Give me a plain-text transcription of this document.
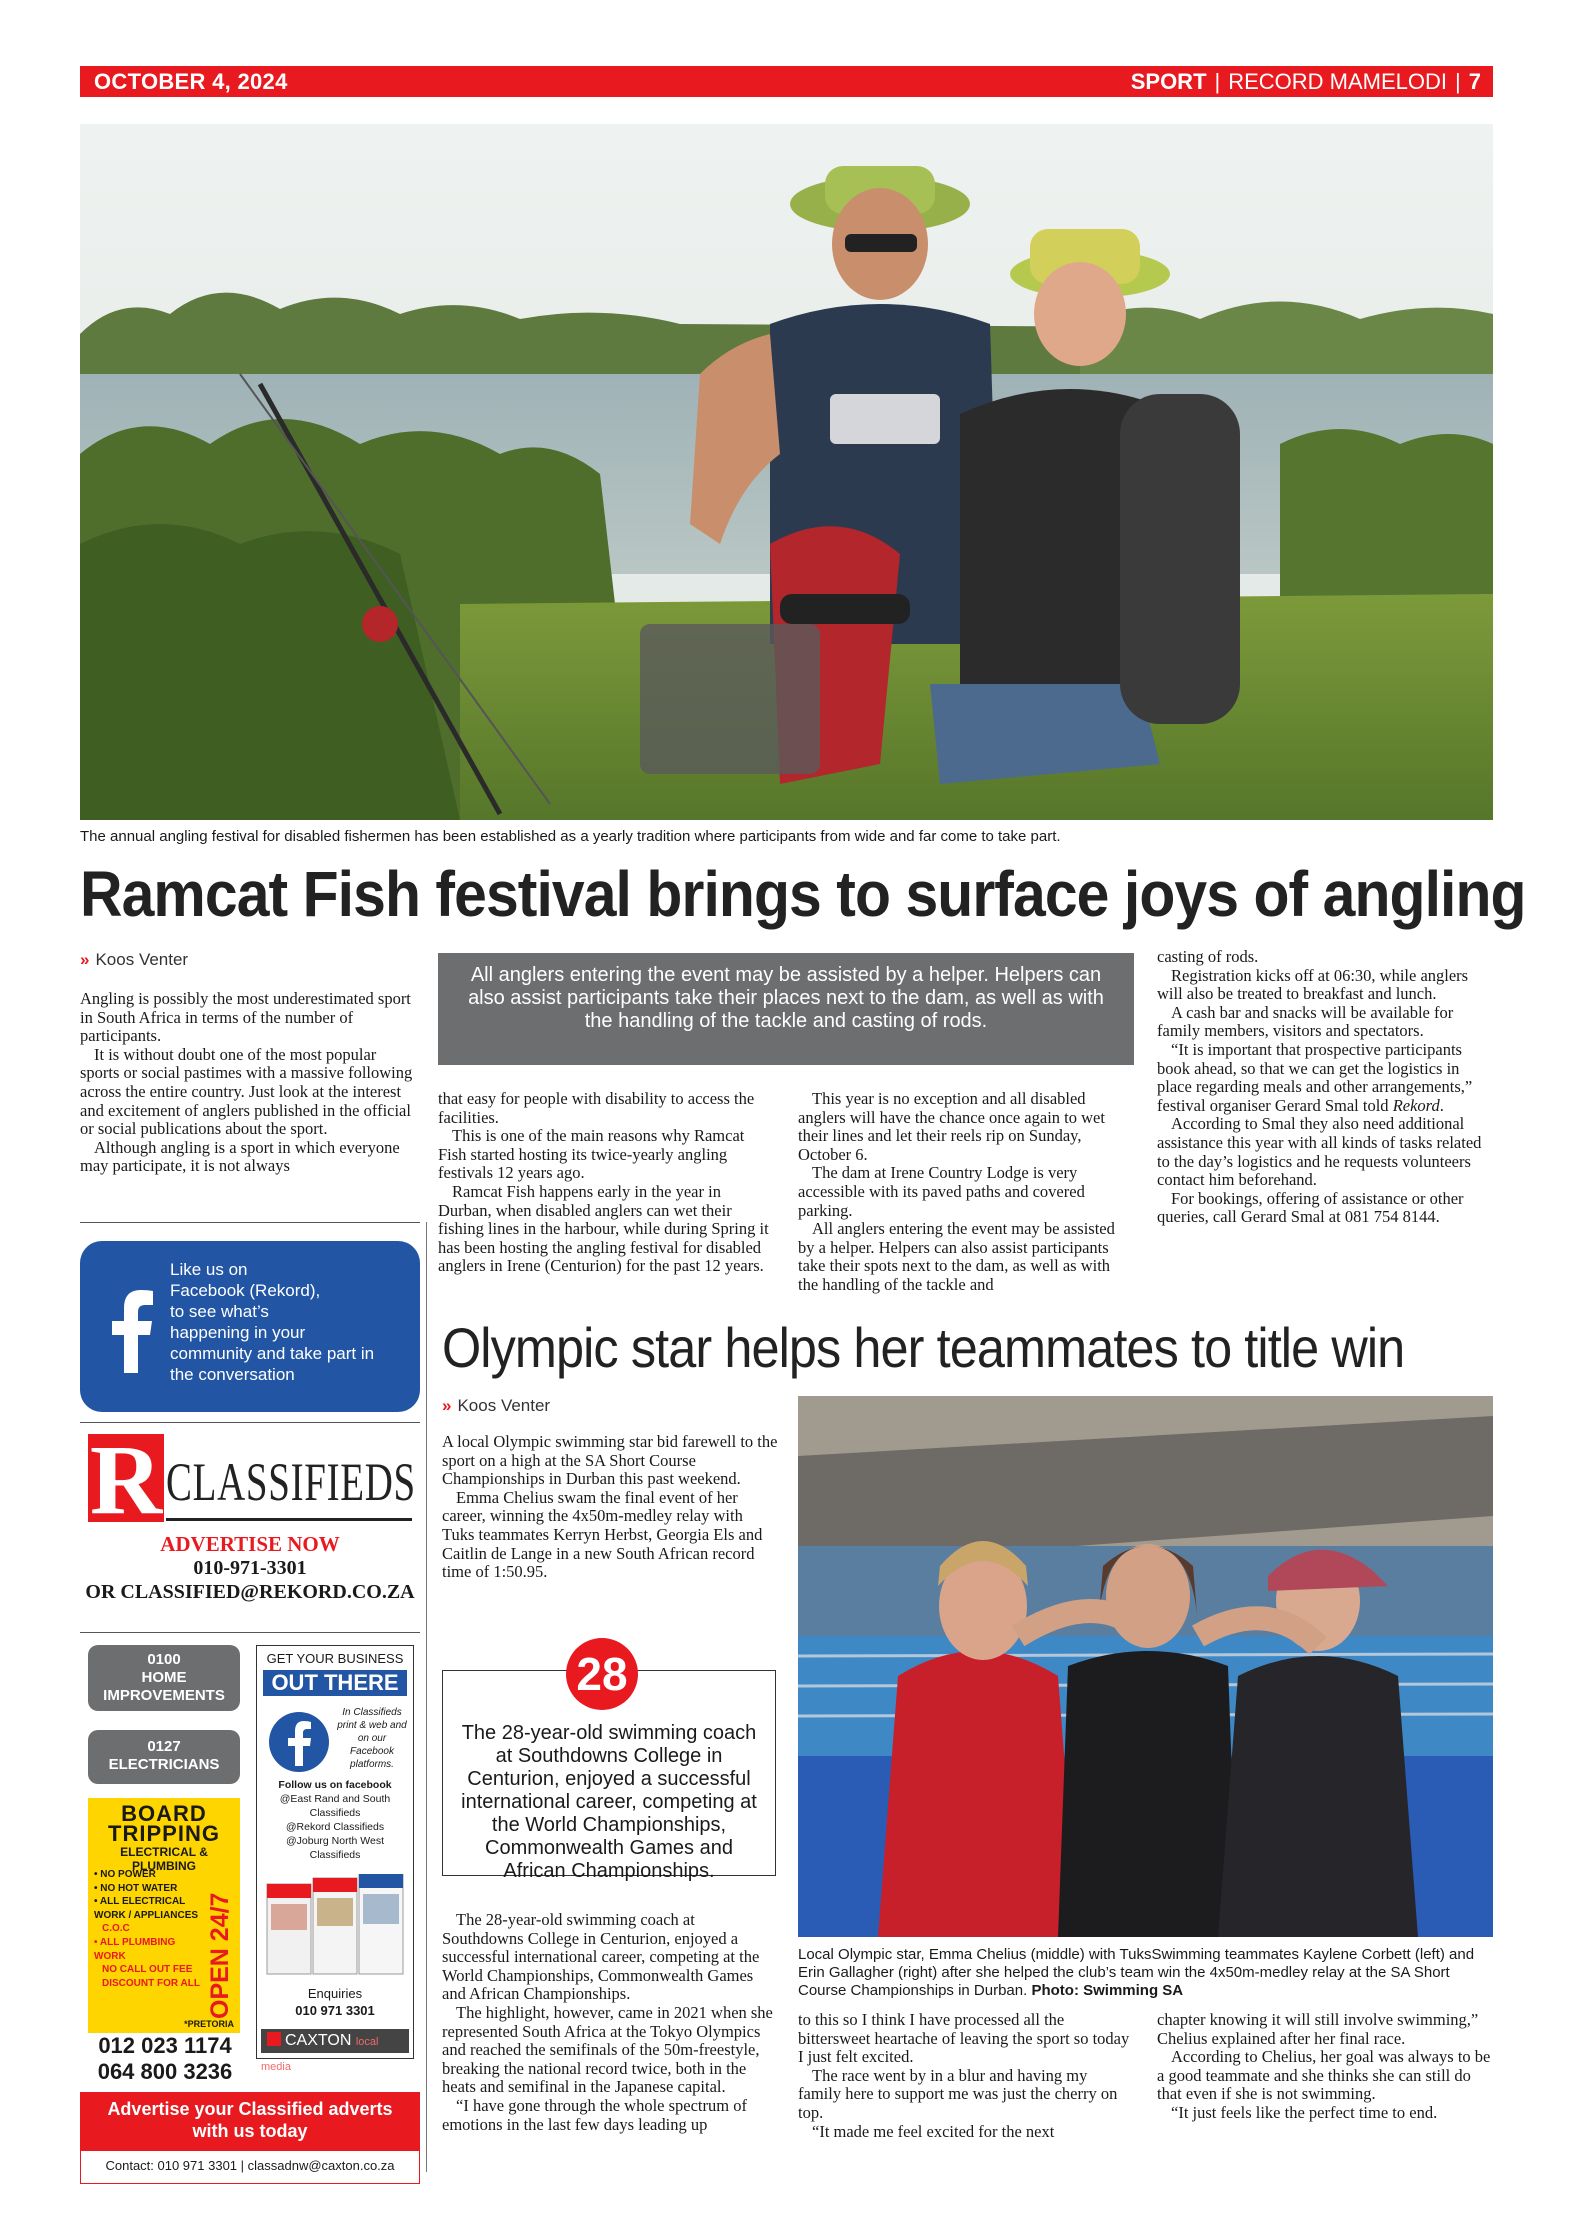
OCTOBER 4, 2024	SPORT | RECORD MAMELODI | 7
The annual angling festival for disabled fishermen has been established as a yearly tradition where participants from wide and far come to take part.
Ramcat Fish festival brings to surface joys of angling
» Koos Venter

Angling is possibly the most underestimated sport in South Africa in terms of the number of participants.

It is without doubt one of the most popular sports or social pastimes with a massive following across the entire country. Just look at the interest and excitement of anglers published in the official or social publications about the sport.

Although angling is a sport in which everyone may participate, it is not always

All anglers entering the event may be assisted by a helper. Helpers can also assist participants take their places next to the dam, as well as with the handling of the tackle and casting of rods.

that easy for people with disability to access the facilities.

This is one of the main reasons why Ramcat Fish started hosting its twice-yearly angling festivals 12 years ago.

Ramcat Fish happens early in the year in Durban, when disabled anglers can wet their fishing lines in the harbour, while during Spring it has been hosting the angling festival for disabled anglers in Irene (Centurion) for the past 12 years.

This year is no exception and all disabled anglers will have the chance once again to wet their lines and let their reels rip on Sunday, October 6.

The dam at Irene Country Lodge is very accessible with its paved paths and covered parking.

All anglers entering the event may be assisted by a helper. Helpers can also assist participants take their spots next to the dam, as well as with the handling of the tackle and

casting of rods.

Registration kicks off at 06:30, while anglers will also be treated to breakfast and lunch.

A cash bar and snacks will be available for family members, visitors and spectators.

“It is important that prospective participants book ahead, so that we can get the logistics in place regarding meals and other arrangements,” festival organiser Gerard Smal told Rekord.

According to Smal they also need additional assistance this year with all kinds of tasks related to the day’s logistics and he requests volunteers contact him beforehand.

For bookings, offering of assistance or other queries, call Gerard Smal at 081 754 8144.

Like us on
Facebook (Rekord),
to see what’s
happening in your
community and take part in
the conversation
R CLASSIFIEDS
ADVERTISE NOW
010-971-3301
OR CLASSIFIED@REKORD.CO.ZA
0100
HOME
IMPROVEMENTS
0127
ELECTRICIANS
BOARD
TRIPPING
ELECTRICAL & PLUMBING
• NO POWER
• NO HOT WATER
• ALL ELECTRICAL
WORK / APPLIANCES
C.O.C
• ALL PLUMBING WORK
NO CALL OUT FEE
DISCOUNT FOR ALL OPEN 24/7
*PRETORIA
012 023 1174
064 800 3236
GET YOUR BUSINESS
OUT THERE
In Classifieds print & web and on our Facebook platforms.
Follow us on facebook
@East Rand and South Classifieds
@Rekord Classifieds
@Joburg North West Classifieds
Enquiries
010 971 3301
CAXTON local media
Advertise your Classified adverts
with us today
Contact: 010 971 3301 | classadnw@caxton.co.za
Olympic star helps her teammates to title win
» Koos Venter

A local Olympic swimming star bid farewell to the sport on a high at the SA Short Course Championships in Durban this past weekend.

Emma Chelius swam the final event of her career, winning the 4x50m-medley relay with Tuks teammates Kerryn Herbst, Georgia Els and Caitlin de Lange in a new South African record time of 1:50.95.

28
The 28-year-old swimming coach at Southdowns College in Centurion, enjoyed a successful international career, competing at the World Championships, Commonwealth Games and African Championships.

The 28-year-old swimming coach at Southdowns College in Centurion, enjoyed a successful international career, competing at the World Championships, Commonwealth Games and African Championships.

The highlight, however, came in 2021 when she represented South Africa at the Tokyo Olympics and reached the semifinals of the 50m-freestyle, breaking the national record twice, both in the heats and semifinal in the Japanese capital.

“I have gone through the whole spectrum of emotions in the last few days leading up

Local Olympic star, Emma Chelius (middle) with TuksSwimming teammates Kaylene Corbett (left) and Erin Gallagher (right) after she helped the club’s team win the 4x50m-medley relay at the SA Short Course Championships in Durban. Photo: Swimming SA

to this so I think I have processed all the bittersweet heartache of leaving the sport so today I just felt excited.

The race went by in a blur and having my family here to support me was just the cherry on top.

“It made me feel excited for the next

chapter knowing it will still involve swimming,” Chelius explained after her final race.

According to Chelius, her goal was always to be a good teammate and she thinks she can still do that even if she is not swimming.

“It just feels like the perfect time to end.
